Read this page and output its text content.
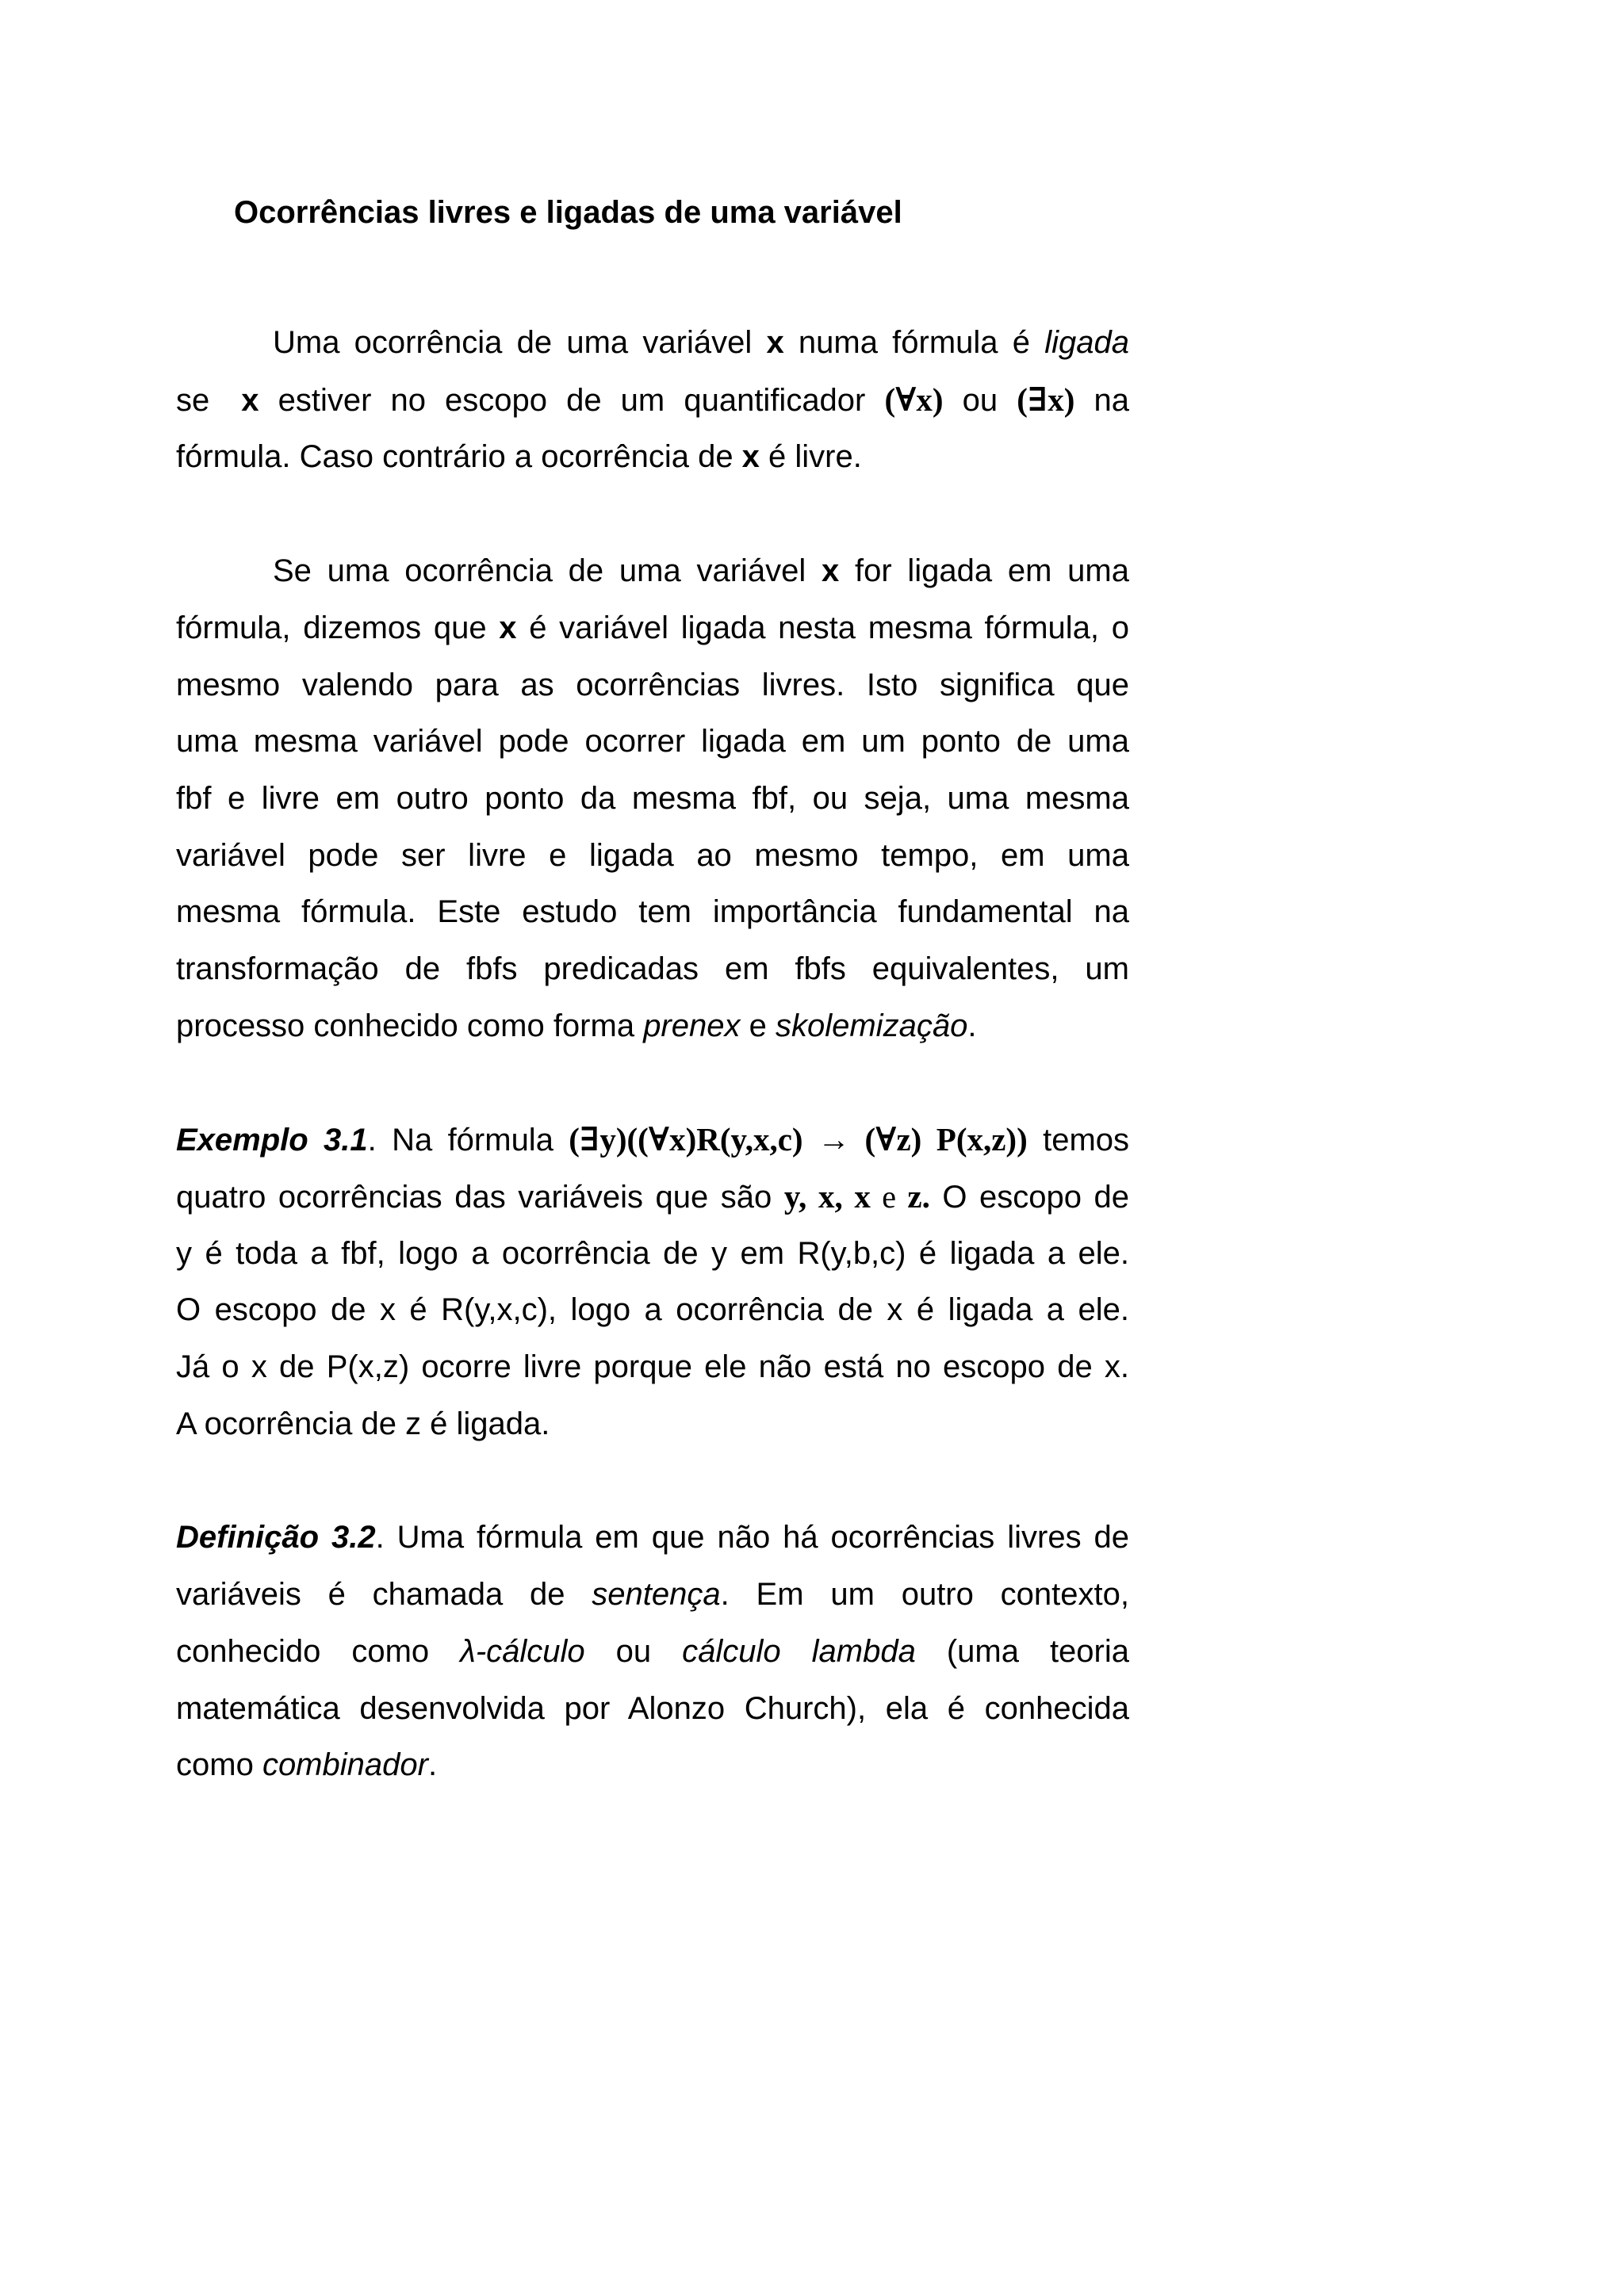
Ocorrências livres e ligadas de uma variável
Uma ocorrência de uma variável x numa fórmula é ligada
se x estiver no escopo de um quantificador (∀x) ou (∃x) na
fórmula. Caso contrário a ocorrência de x é livre.
Se uma ocorrência de uma variável x for ligada em uma
fórmula, dizemos que x é variável ligada nesta mesma fórmula, o
mesmo valendo para as ocorrências livres. Isto significa que
uma mesma variável pode ocorrer ligada em um ponto de uma
fbf e livre em outro ponto da mesma fbf, ou seja, uma mesma
variável pode ser livre e ligada ao mesmo tempo, em uma
mesma fórmula. Este estudo tem importância fundamental na
transformação de fbfs predicadas em fbfs equivalentes, um
processo conhecido como forma prenex e skolemização.
Exemplo 3.1. Na fórmula (∃y)((∀x)R(y,x,c) → (∀z) P(x,z)) temos
quatro ocorrências das variáveis que são y, x, x e z. O escopo de
y é toda a fbf, logo a ocorrência de y em R(y,b,c) é ligada a ele.
O escopo de x é R(y,x,c), logo a ocorrência de x é ligada a ele.
Já o x de P(x,z) ocorre livre porque ele não está no escopo de x.
A ocorrência de z é ligada.
Definição 3.2. Uma fórmula em que não há ocorrências livres de
variáveis é chamada de sentença. Em um outro contexto,
conhecido como λ-cálculo ou cálculo lambda (uma teoria
matemática desenvolvida por Alonzo Church), ela é conhecida
como combinador.
